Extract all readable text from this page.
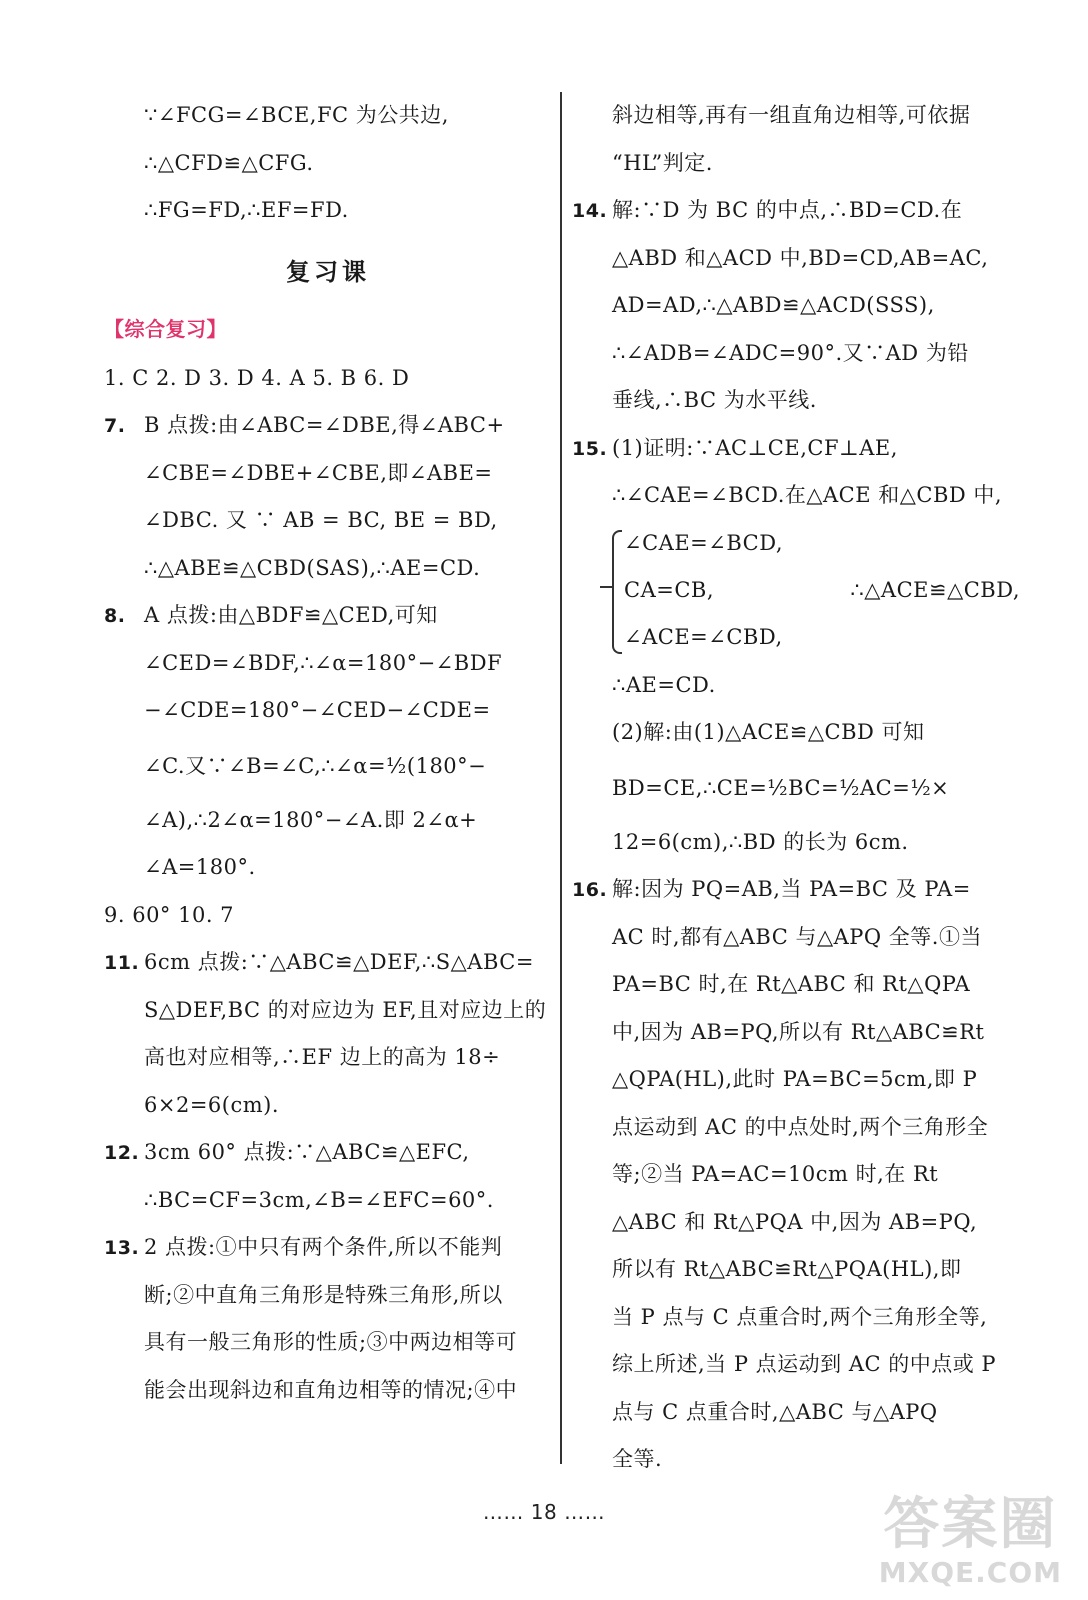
∵∠FCG=∠BCE,FC 为公共边,
∴△CFD≌△CFG.
∴FG=FD,∴EF=FD.
复习课
【综合复习】
1. C 2. D 3. D 4. A 5. B 6. D
7. B 点拨:由∠ABC=∠DBE,得∠ABC+
∠CBE=∠DBE+∠CBE,即∠ABE=
∠DBC. 又 ∵ AB = BC, BE = BD,
∴△ABE≌△CBD(SAS),∴AE=CD.
8. A 点拨:由△BDF≌△CED,可知
∠CED=∠BDF,∴∠α=180°−∠BDF
−∠CDE=180°−∠CED−∠CDE=
∠C.又∵∠B=∠C,∴∠α=½(180°−
∠A),∴2∠α=180°−∠A.即 2∠α+
∠A=180°.
9. 60° 10. 7
11. 6cm 点拨:∵△ABC≌△DEF,∴S△ABC=
S△DEF,BC 的对应边为 EF,且对应边上的
高也对应相等,∴EF 边上的高为 18÷
6×2=6(cm).
12. 3cm 60° 点拨:∵△ABC≌△EFC,
∴BC=CF=3cm,∠B=∠EFC=60°.
13. 2 点拨:①中只有两个条件,所以不能判
断;②中直角三角形是特殊三角形,所以
具有一般三角形的性质;③中两边相等可
能会出现斜边和直角边相等的情况;④中
斜边相等,再有一组直角边相等,可依据
“HL”判定.
14. 解:∵D 为 BC 的中点,∴BD=CD.在
△ABD 和△ACD 中,BD=CD,AB=AC,
AD=AD,∴△ABD≌△ACD(SSS),
∴∠ADB=∠ADC=90°.又∵AD 为铅
垂线,∴BC 为水平线.
15. (1)证明:∵AC⊥CE,CF⊥AE,
∴∠CAE=∠BCD.在△ACE 和△CBD 中,
∠CAE=∠BCD,
CA=CB,
∠ACE=∠CBD,
∴△ACE≌△CBD,
∴AE=CD.
(2)解:由(1)△ACE≌△CBD 可知
BD=CE,∴CE=½BC=½AC=½×
12=6(cm),∴BD 的长为 6cm.
16. 解:因为 PQ=AB,当 PA=BC 及 PA=
AC 时,都有△ABC 与△APQ 全等.①当
PA=BC 时,在 Rt△ABC 和 Rt△QPA
中,因为 AB=PQ,所以有 Rt△ABC≌Rt
△QPA(HL),此时 PA=BC=5cm,即 P
点运动到 AC 的中点处时,两个三角形全
等;②当 PA=AC=10cm 时,在 Rt
△ABC 和 Rt△PQA 中,因为 AB=PQ,
所以有 Rt△ABC≌Rt△PQA(HL),即
当 P 点与 C 点重合时,两个三角形全等,
综上所述,当 P 点运动到 AC 的中点或 P
点与 C 点重合时,△ABC 与△APQ
全等.
…… 18 ……	答案圈
MXQE.COM
